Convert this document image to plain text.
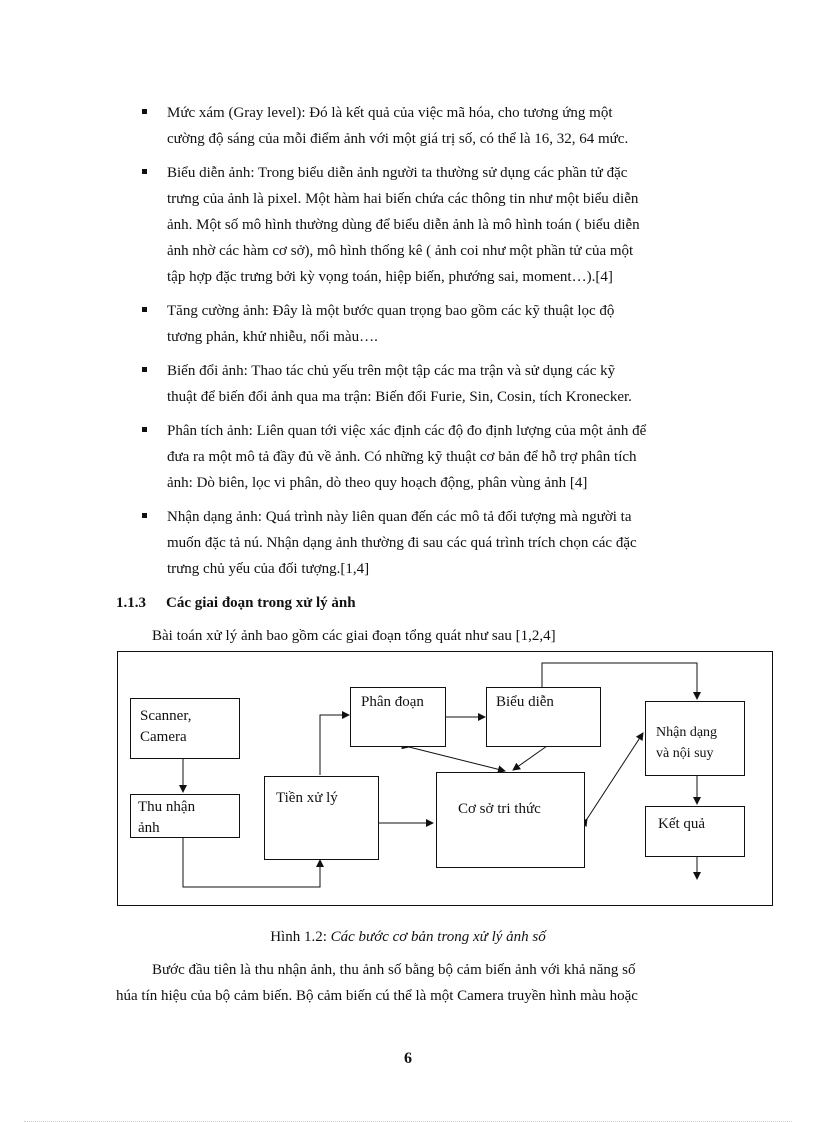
Mức xám (Gray level): Đó là kết quả của việc mã hóa, cho tương ứng một
cường độ sáng của mỗi điểm ảnh với một giá trị số, có thể là 16, 32, 64 mức.
Biểu diễn ảnh: Trong biểu diễn ảnh người ta thường sử dụng các phần tử đặc
trưng của ảnh là pixel. Một hàm hai biến chứa các thông tin như một biểu diễn
ảnh. Một số mô hình thường dùng để biểu diễn ảnh là mô hình toán ( biểu diễn
ảnh nhờ các hàm cơ sở), mô hình thống kê ( ảnh coi như một phần tử của một
tập hợp đặc trưng bởi kỳ vọng toán, hiệp biến, phướng sai, moment…).[4]
Tăng cường ảnh: Đây là một bước quan trọng bao gồm các kỹ thuật lọc độ
tương phản, khử nhiễu, nổi màu….
Biến đổi ảnh: Thao tác chủ yếu trên một tập các ma trận và sử dụng các kỹ
thuật để biến đổi ảnh qua ma trận: Biến đổi Furie, Sin, Cosin, tích Kronecker.
Phân tích ảnh: Liên quan tới việc xác định các độ đo định lượng của một ảnh để
đưa ra một mô tả đầy đủ về ảnh. Có những kỹ thuật cơ bản để hỗ trợ phân tích
ảnh: Dò biên, lọc vi phân, dò theo quy hoạch động, phân vùng ảnh [4]
Nhận dạng ảnh: Quá trình này liên quan đến các mô tả đối tượng mà người ta
muốn đặc tả nú. Nhận dạng ảnh thường đi sau các quá trình trích chọn các đặc
trưng chủ yếu của đối tượng.[1,4]
1.1.3 Các giai đoạn trong xử lý ảnh
Bài toán xử lý ảnh bao gồm các giai đoạn tổng quát như sau [1,2,4]
Scanner,
Camera
Thu nhận
ảnh
Tiền xử lý
Phân đoạn	Biểu diễn
Cơ sở tri thức
Nhận dạng
và nội suy
Kết quả
Hình 1.2: Các bước cơ bản trong xử lý ảnh số
Bước đầu tiên là thu nhận ảnh, thu ảnh số bằng bộ cảm biến ảnh với khả năng số
húa tín hiệu của bộ cảm biến. Bộ cảm biến cú thể là một Camera truyền hình màu hoặc
6
